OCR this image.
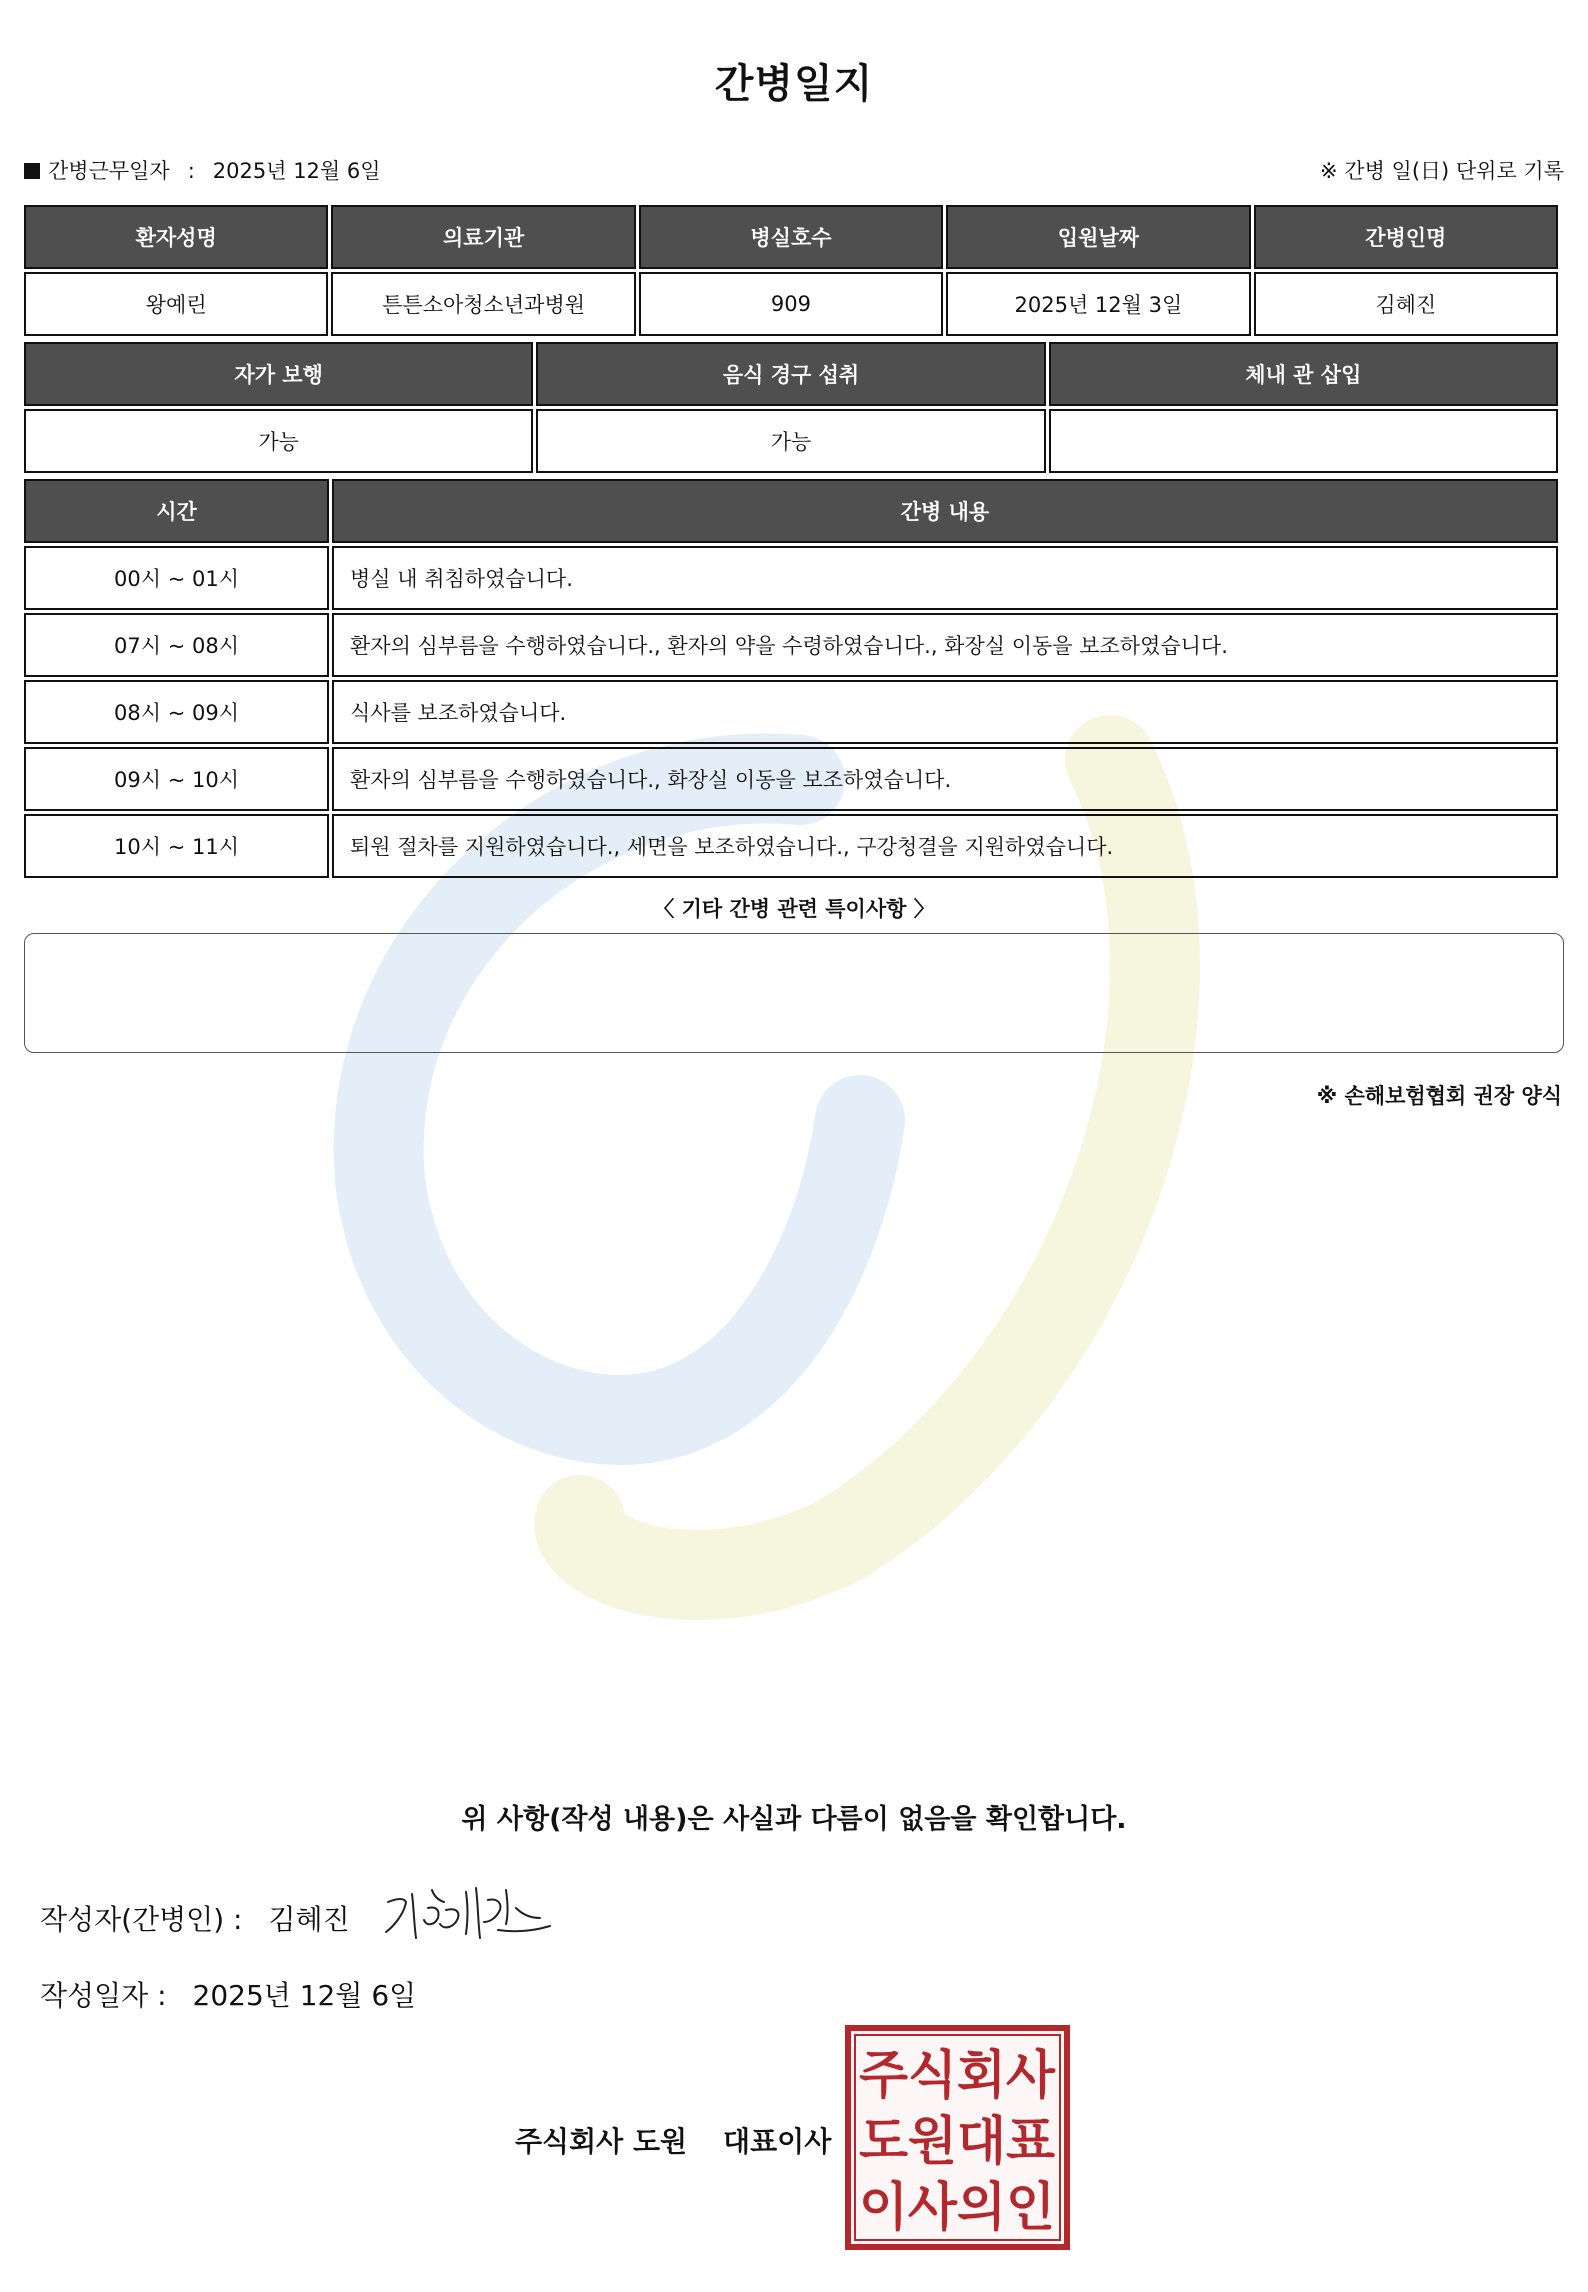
간병일지
간병근무일자 : 2025년 12월 6일	※ 간병 일(日) 단위로 기록
환자성명	의료기관	병실호수	입원날짜	간병인명
왕예린	튼튼소아청소년과병원	909	2025년 12월 3일	김혜진
자가 보행	음식 경구 섭취	체내 관 삽입
가능	가능	
시간	간병 내용
00시 ~ 01시	병실 내 취침하였습니다.
07시 ~ 08시	환자의 심부름을 수행하였습니다., 환자의 약을 수령하였습니다., 화장실 이동을 보조하였습니다.
08시 ~ 09시	식사를 보조하였습니다.
09시 ~ 10시	환자의 심부름을 수행하였습니다., 화장실 이동을 보조하였습니다.
10시 ~ 11시	퇴원 절차를 지원하였습니다., 세면을 보조하였습니다., 구강청결을 지원하였습니다.
〈 기타 간병 관련 특이사항 〉
※ 손해보험협회 권장 양식
위 사항(작성 내용)은 사실과 다름이 없음을 확인합니다.
작성자(간병인) : 김혜진
작성일자 : 2025년 12월 6일
주식회사 도원 대표이사
주식회사
도원대표
이사의인
